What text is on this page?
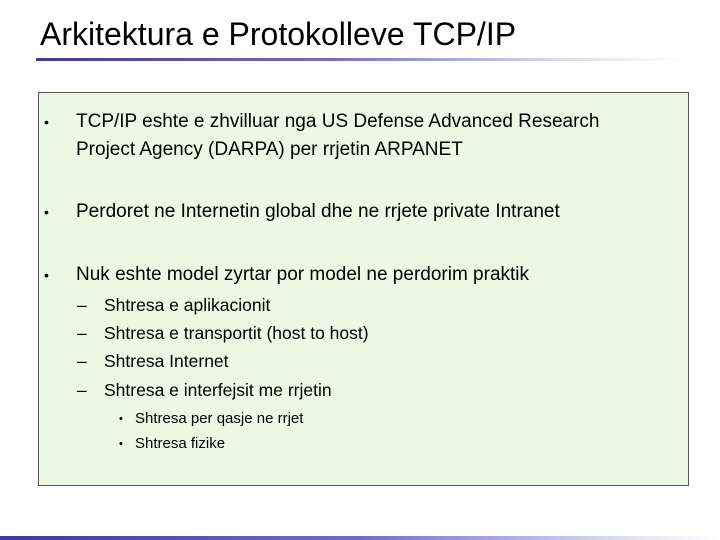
Arkitektura e Protokolleve TCP/IP
• TCP/IP eshte e zhvilluar nga US Defense Advanced Research
Project Agency (DARPA) per rrjetin ARPANET
• Perdoret ne Internetin global dhe ne rrjete private Intranet
• Nuk eshte model zyrtar por model ne perdorim praktik
– Shtresa e aplikacionit
– Shtresa e transportit (host to host)
– Shtresa Internet
– Shtresa e interfejsit me rrjetin
• Shtresa per qasje ne rrjet
• Shtresa fizike
